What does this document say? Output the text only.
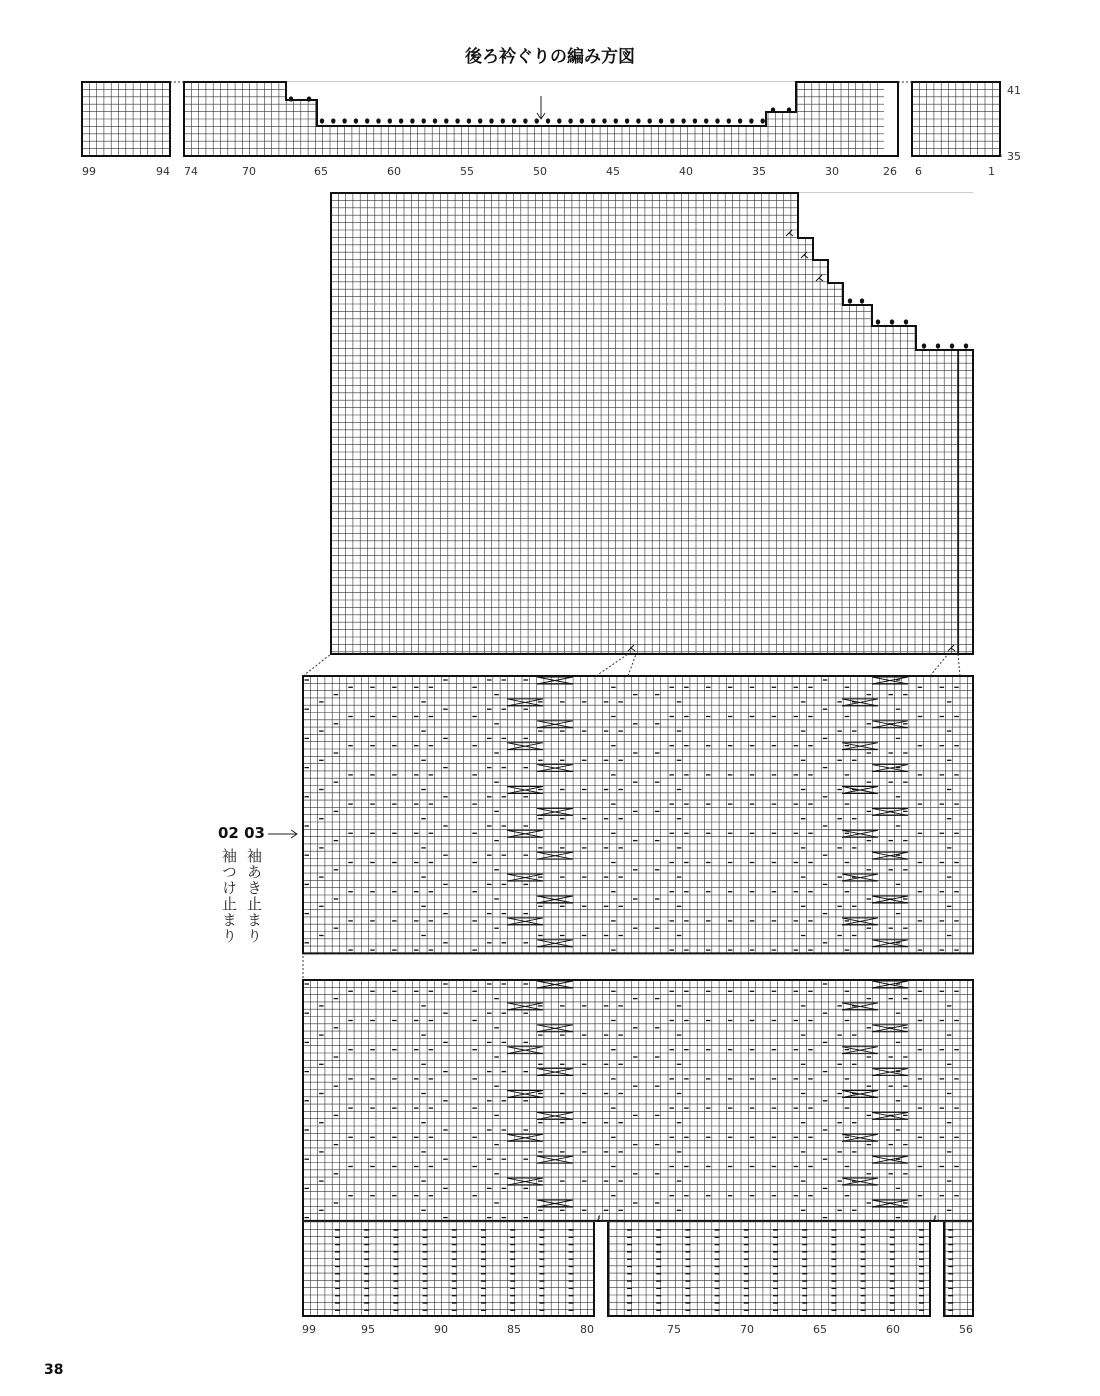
後ろ衿ぐりの編み方図
99	94 74	70	65	60	55	50	45	40	35	30	26 6	1
41
35
99	95	90	85	80	75	70	65	60	56
02 03
袖つけ止まり 袖あき止まり
38
ℓ	ℓ
